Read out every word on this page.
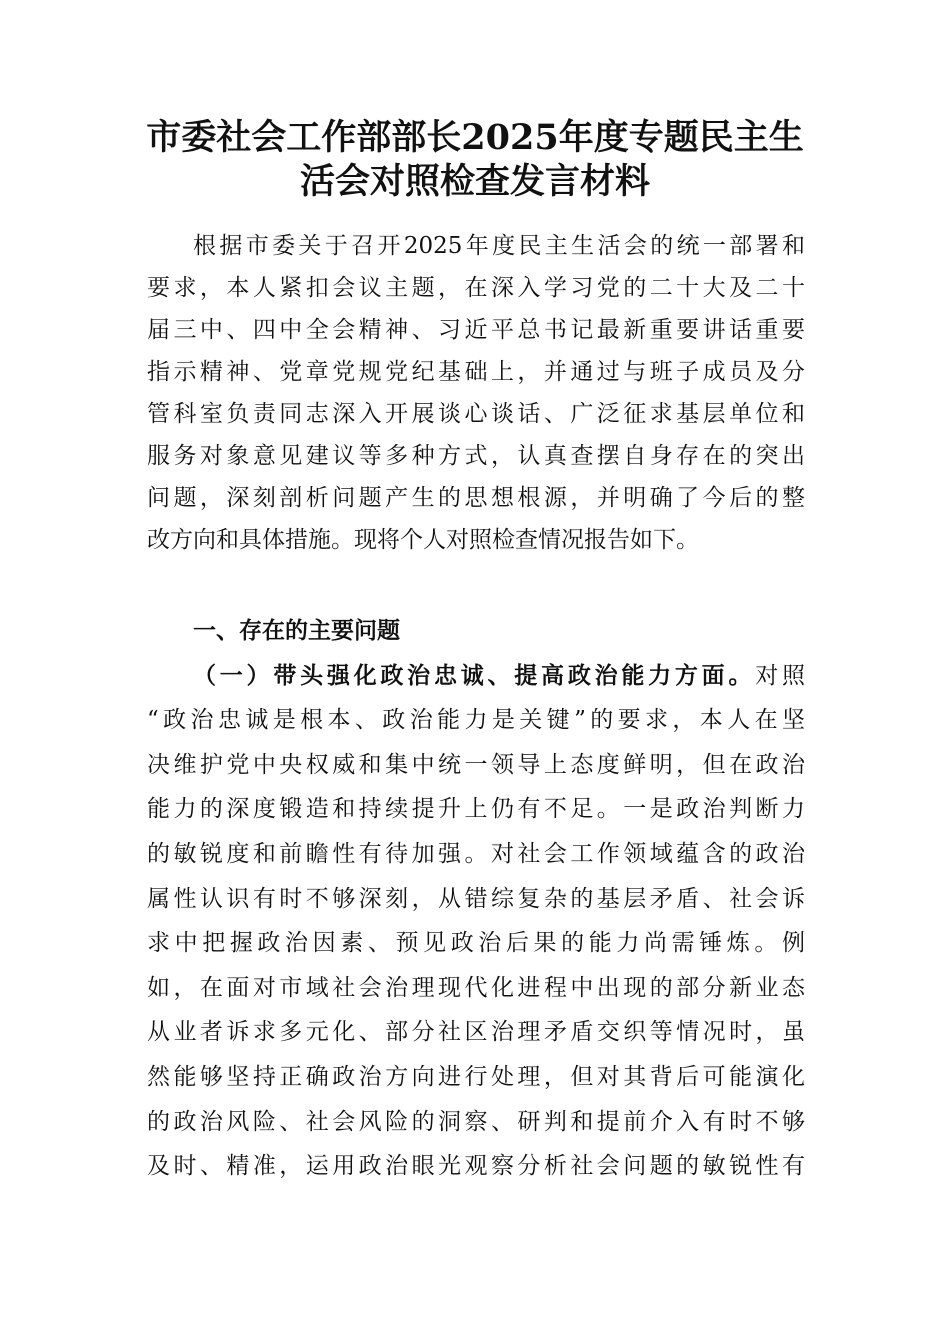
市委社会工作部部长2025年度专题民主生
活会对照检查发言材料
根据市委关于召开2025年度民主生活会的统一部署和
要求，本人紧扣会议主题，在深入学习党的二十大及二十
届三中、四中全会精神、习近平总书记最新重要讲话重要
指示精神、党章党规党纪基础上，并通过与班子成员及分
管科室负责同志深入开展谈心谈话、广泛征求基层单位和
服务对象意见建议等多种方式，认真查摆自身存在的突出
问题，深刻剖析问题产生的思想根源，并明确了今后的整
改方向和具体措施。现将个人对照检查情况报告如下。
一、存在的主要问题
（一）带头强化政治忠诚、提高政治能力方面。对照
“政治忠诚是根本、政治能力是关键”的要求，本人在坚
决维护党中央权威和集中统一领导上态度鲜明，但在政治
能力的深度锻造和持续提升上仍有不足。一是政治判断力
的敏锐度和前瞻性有待加强。对社会工作领域蕴含的政治
属性认识有时不够深刻，从错综复杂的基层矛盾、社会诉
求中把握政治因素、预见政治后果的能力尚需锤炼。例
如，在面对市域社会治理现代化进程中出现的部分新业态
从业者诉求多元化、部分社区治理矛盾交织等情况时，虽
然能够坚持正确政治方向进行处理，但对其背后可能演化
的政治风险、社会风险的洞察、研判和提前介入有时不够
及时、精准，运用政治眼光观察分析社会问题的敏锐性有
